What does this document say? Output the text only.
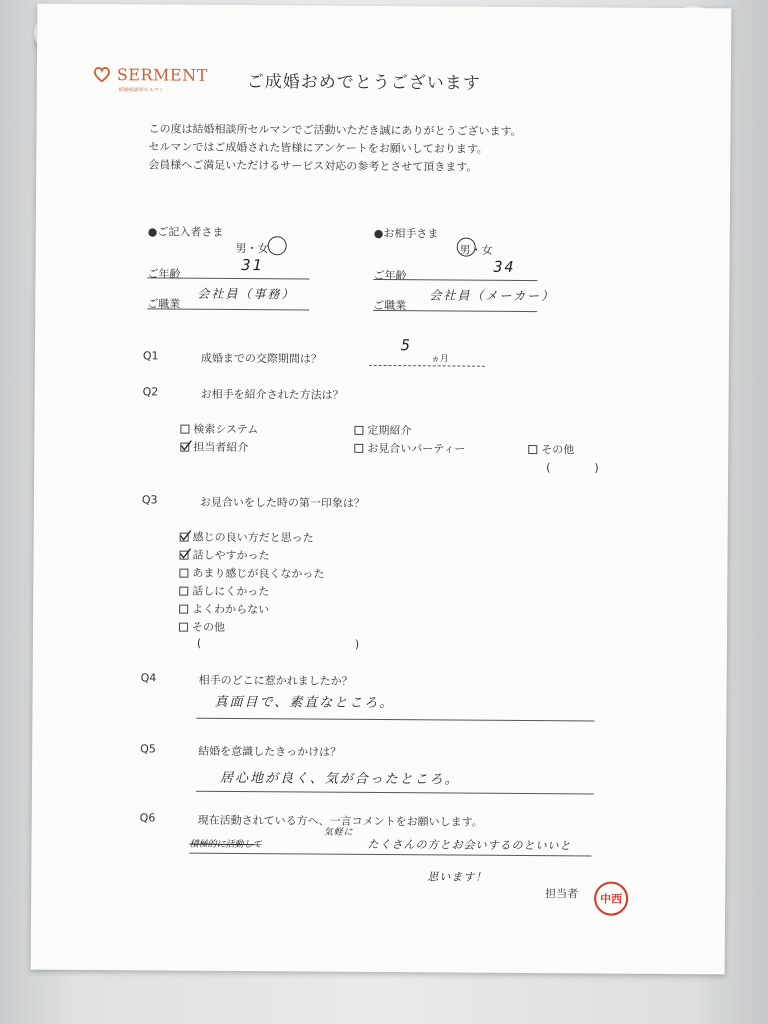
SERMENT
結婚相談所セルマン	ご成婚おめでとうございます
この度は結婚相談所セルマンでご活動いただき誠にありがとうございます。
セルマンではご成婚された皆様にアンケートをお願いしております。
会員様へご満足いただけるサービス対応の参考とさせて頂きます。
●ご記入者さま
男・女
ご年齢	31
ご職業
会社員（事務）
●お相手さま
男・女
ご年齢	34
ご職業
会社員（メーカー）
Q1	成婚までの交際期間は？
5
ヵ月
Q2	お相手を紹介された方法は？
検索システム	定期紹介
担当者紹介	お見合いパーティー	その他
(　　　　)
Q3	お見合いをした時の第一印象は？
感じの良い方だと思った
話しやすかった
あまり感じが良くなかった
話しにくかった
よくわからない
その他
(	)
Q4	相手のどこに惹かれましたか？
真面目で、素直なところ。
Q5	結婚を意識したきっかけは？
居心地が良く、気が合ったところ。
Q6	現在活動されている方へ、一言コメントをお願いします。
気軽に
積極的に活動して	たくさんの方とお会いするのといいと
思います！
担当者 中西
